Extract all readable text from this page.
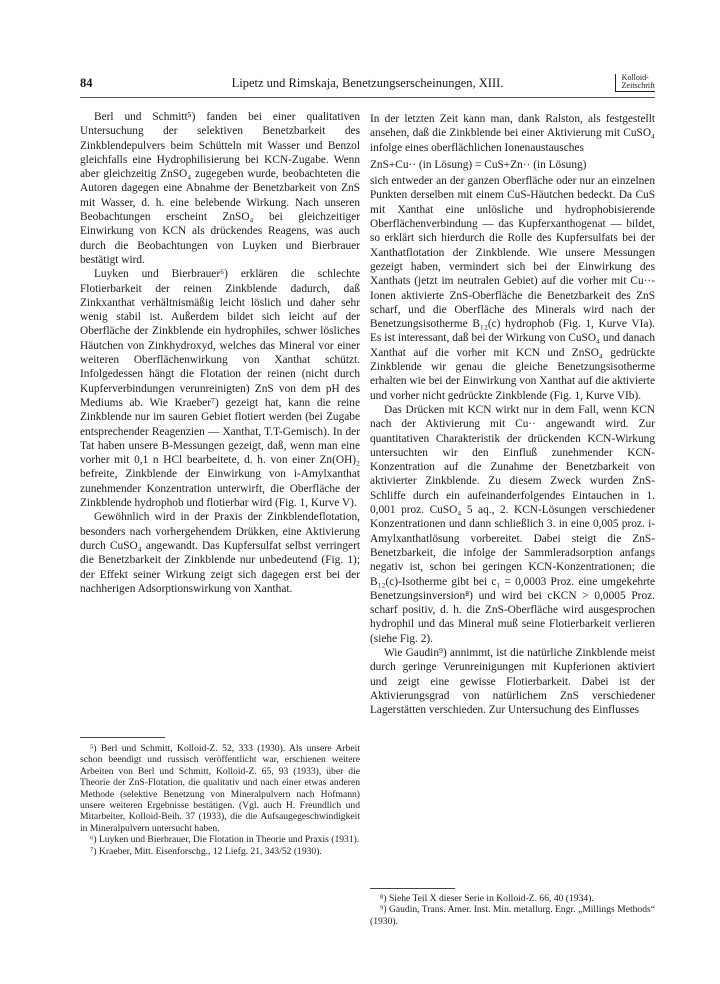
84	Lipetz und Rimskaja, Benetzungserscheinungen, XIII.	Kolloid-
Zeitschrift

Berl und Schmitt⁵) fanden bei einer qualitativen Untersuchung der selektiven Benetzbarkeit des Zinkblendepulvers beim Schütteln mit Wasser und Benzol gleichfalls eine Hydrophilisierung bei KCN-Zugabe. Wenn aber gleichzeitig ZnSO₄ zugegeben wurde, beobachteten die Autoren dagegen eine Abnahme der Benetzbarkeit von ZnS mit Wasser, d. h. eine belebende Wirkung. Nach unseren Beobachtungen erscheint ZnSO₄ bei gleichzeitiger Einwirkung von KCN als drückendes Reagens, was auch durch die Beobachtungen von Luyken und Bierbrauer bestätigt wird.

Luyken und Bierbrauer⁶) erklären die schlechte Flotierbarkeit der reinen Zinkblende dadurch, daß Zinkxanthat verhältnismäßig leicht löslich und daher sehr wenig stabil ist. Außerdem bildet sich leicht auf der Oberfläche der Zinkblende ein hydrophiles, schwer lösliches Häutchen von Zinkhydroxyd, welches das Mineral vor einer weiteren Oberflächenwirkung von Xanthat schützt. Infolgedessen hängt die Flotation der reinen (nicht durch Kupferverbindungen verunreinigten) ZnS von dem pH des Mediums ab. Wie Kraeber⁷) gezeigt hat, kann die reine Zinkblende nur im sauren Gebiet flotiert werden (bei Zugabe entsprechender Reagenzien — Xanthat, T.T-Gemisch). In der Tat haben unsere B-Messungen gezeigt, daß, wenn man eine vorher mit 0,1 n HCl bearbeitete, d. h. von einer Zn(OH)₂ befreite, Zinkblende der Einwirkung von i-Amylxanthat zunehmender Konzentration unterwirft, die Oberfläche der Zinkblende hydrophob und flotierbar wird (Fig. 1, Kurve V).

Gewöhnlich wird in der Praxis der Zinkblendeflotation, besonders nach vorhergehendem Drükken, eine Aktivierung durch CuSO₄ angewandt. Das Kupfersulfat selbst verringert die Benetzbarkeit der Zinkblende nur unbedeutend (Fig. 1); der Effekt seiner Wirkung zeigt sich dagegen erst bei der nachherigen Adsorptionswirkung von Xanthat.

⁵) Berl und Schmitt, Kolloid-Z. 52, 333 (1930). Als unsere Arbeit schon beendigt und russisch veröffentlicht war, erschienen weitere Arbeiten von Berl und Schmitt, Kolloid-Z. 65, 93 (1933), über die Theorie der ZnS-Flotation, die qualitativ und nach einer etwas anderen Methode (selektive Benetzung von Mineralpulvern nach Hofmann) unsere weiteren Ergebnisse bestätigen. (Vgl. auch H. Freundlich und Mitarbeiter, Kolloid-Beih. 37 (1933), die die Aufsaugegeschwindigkeit in Mineralpulvern untersucht haben.

⁶) Luyken und Bierbrauer, Die Flotation in Theorie und Praxis (1931).

⁷) Kraeber, Mitt. Eisenforschg., 12 Liefg. 21, 343/52 (1930).

In der letzten Zeit kann man, dank Ralston, als festgestellt ansehen, daß die Zinkblende bei einer Aktivierung mit CuSO₄ infolge eines oberflächlichen Ionenaustausches

ZnS+Cu·· (in Lösung) = CuS+Zn·· (in Lösung)

sich entweder an der ganzen Oberfläche oder nur an einzelnen Punkten derselben mit einem CuS-Häutchen bedeckt. Da CuS mit Xanthat eine unlösliche und hydrophobisierende Oberflächenverbindung — das Kupferxanthogenat — bildet, so erklärt sich hierdurch die Rolle des Kupfersulfats bei der Xanthatflotation der Zinkblende. Wie unsere Messungen gezeigt haben, vermindert sich bei der Einwirkung des Xanthats (jetzt im neutralen Gebiet) auf die vorher mit Cu··-Ionen aktivierte ZnS-Oberfläche die Benetzbarkeit des ZnS scharf, und die Oberfläche des Minerals wird nach der Benetzungsisotherme B₁₂(c) hydrophob (Fig. 1, Kurve VIa). Es ist interessant, daß bei der Wirkung von CuSO₄ und danach Xanthat auf die vorher mit KCN und ZnSO₄ gedrückte Zinkblende wir genau die gleiche Benetzungsisotherme erhalten wie bei der Einwirkung von Xanthat auf die aktivierte und vorher nicht gedrückte Zinkblende (Fig. 1, Kurve VIb).

Das Drücken mit KCN wirkt nur in dem Fall, wenn KCN nach der Aktivierung mit Cu·· angewandt wird. Zur quantitativen Charakteristik der drückenden KCN-Wirkung untersuchten wir den Einfluß zunehmender KCN-Konzentration auf die Zunahme der Benetzbarkeit von aktivierter Zinkblende. Zu diesem Zweck wurden ZnS-Schliffe durch ein aufeinanderfolgendes Eintauchen in 1. 0,001 proz. CuSO₄ 5 aq., 2. KCN-Lösungen verschiedener Konzentrationen und dann schließlich 3. in eine 0,005 proz. i-Amylxanthatlösung vorbereitet. Dabei steigt die ZnS-Benetzbarkeit, die infolge der Sammleradsorption anfangs negativ ist, schon bei geringen KCN-Konzentrationen; die B₁₂(c)-Isotherme gibt bei c₁ = 0,0003 Proz. eine umgekehrte Benetzungsinversion⁸) und wird bei cKCN > 0,0005 Proz. scharf positiv, d. h. die ZnS-Oberfläche wird ausgesprochen hydrophil und das Mineral muß seine Flotierbarkeit verlieren (siehe Fig. 2).

Wie Gaudin⁹) annimmt, ist die natürliche Zinkblende meist durch geringe Verunreinigungen mit Kupferionen aktiviert und zeigt eine gewisse Flotierbarkeit. Dabei ist der Aktivierungsgrad von natürlichem ZnS verschiedener Lagerstätten verschieden. Zur Untersuchung des Einflusses

⁸) Siehe Teil X dieser Serie in Kolloid-Z. 66, 40 (1934).

⁹) Gaudin, Trans. Amer. Inst. Min. metallurg. Engr. „Millings Methods“ (1930).
